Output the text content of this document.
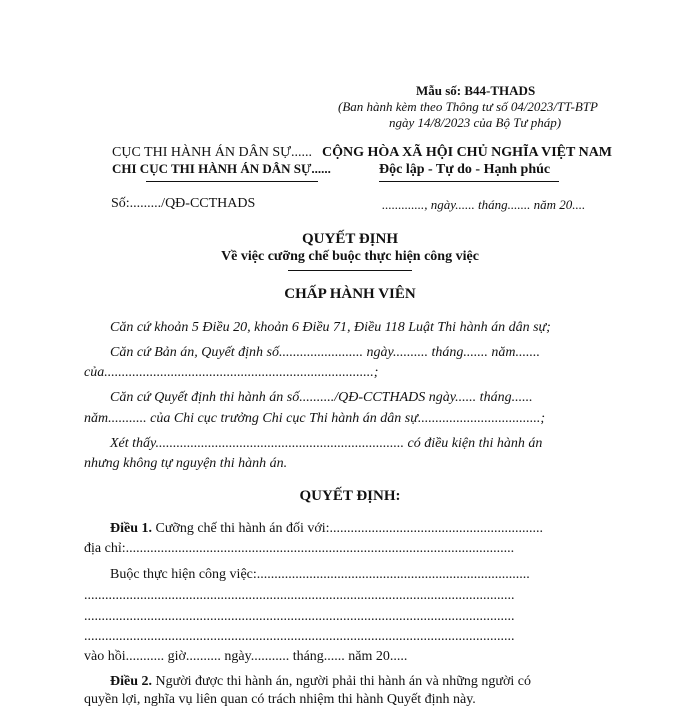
Mẫu số: B44-THADS
(Ban hành kèm theo Thông tư số 04/2023/TT-BTP
ngày 14/8/2023 của Bộ Tư pháp)
CỤC THI HÀNH ÁN DÂN SỰ......
CHI CỤC THI HÀNH ÁN DÂN SỰ......
Số:........./QĐ-CCTHADS
CỘNG HÒA XÃ HỘI CHỦ NGHĨA VIỆT NAM
Độc lập - Tự do - Hạnh phúc
............., ngày...... tháng....... năm 20....
QUYẾT ĐỊNH
Về việc cưỡng chế buộc thực hiện công việc
CHẤP HÀNH VIÊN
Căn cứ khoản 5 Điều 20, khoản 6 Điều 71, Điều 118 Luật Thi hành án dân sự;
Căn cứ Bản án, Quyết định số........................ ngày.......... tháng....... năm.......
của.............................................................................;
Căn cứ Quyết định thi hành án số........../QĐ-CCTHADS ngày...... tháng......
năm........... của Chi cục trưởng Chi cục Thi hành án dân sự...................................;
Xét thấy....................................................................... có điều kiện thi hành án
nhưng không tự nguyện thi hành án.
QUYẾT ĐỊNH:
Điều 1. Cưỡng chế thi hành án đối với:.............................................................
địa chỉ:...............................................................................................................
Buộc thực hiện công việc:..............................................................................
...........................................................................................................................
...........................................................................................................................
...........................................................................................................................
vào hồi........... giờ.......... ngày........... tháng...... năm 20.....
Điều 2. Người được thi hành án, người phải thi hành án và những người có
quyền lợi, nghĩa vụ liên quan có trách nhiệm thi hành Quyết định này.
